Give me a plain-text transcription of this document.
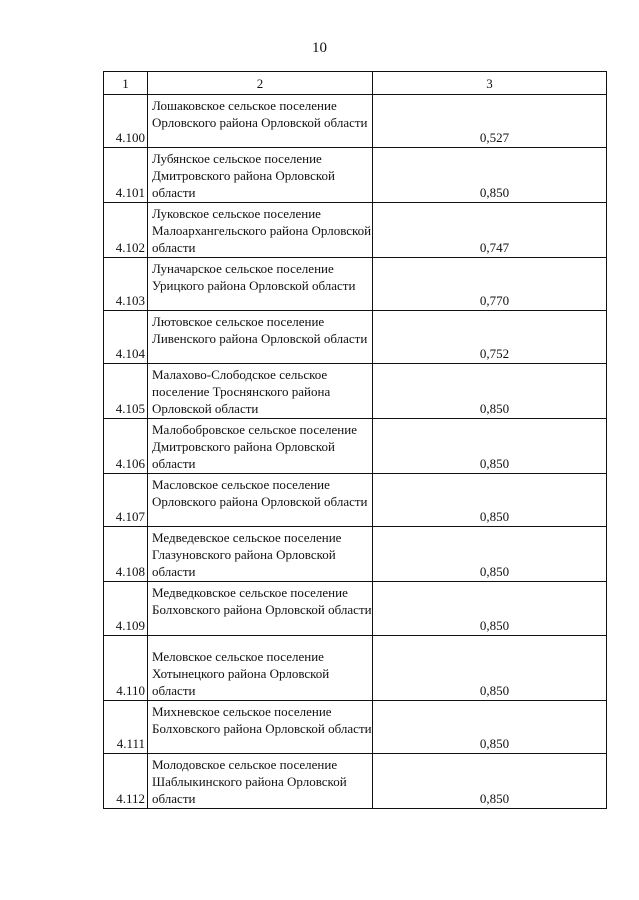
10
1	2	3
4.100	Лошаковское сельское поселение Орловского района Орловской области	0,527
4.101	Лубянское сельское поселение Дмитровского района Орловской области	0,850
4.102	Луковское сельское поселение Малоархангельского района Орловской области	0,747
4.103	Луначарское сельское поселение Урицкого района Орловской области	0,770
4.104	Лютовское сельское поселение Ливенского района Орловской области	0,752
4.105	Малахово-Слободское сельское поселение Троснянского района Орловской области	0,850
4.106	Малобобровское сельское поселение Дмитровского района Орловской области	0,850
4.107	Масловское сельское поселение Орловского района Орловской области	0,850
4.108	Медведевское сельское поселение Глазуновского района Орловской области	0,850
4.109	Медведковское сельское поселение Болховского района Орловской области	0,850
4.110	Меловское сельское поселение Хотынецкого района Орловской области	0,850
4.111	Михневское сельское поселение Болховского района Орловской области	0,850
4.112	Молодовское сельское поселение Шаблыкинского района Орловской области	0,850
